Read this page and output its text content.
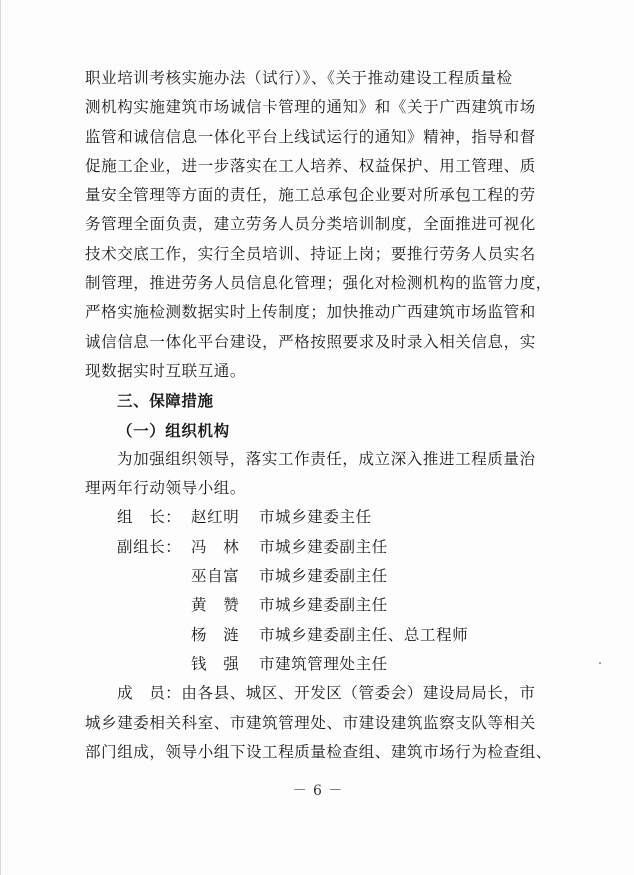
职业培训考核实施办法（试行）》、《关于推动建设工程质量检
测机构实施建筑市场诚信卡管理的通知》和《关于广西建筑市场
监管和诚信信息一体化平台上线试运行的通知》精神，指导和督
促施工企业，进一步落实在工人培养、权益保护、用工管理、质
量安全管理等方面的责任，施工总承包企业要对所承包工程的劳
务管理全面负责，建立劳务人员分类培训制度，全面推进可视化
技术交底工作，实行全员培训、持证上岗；要推行劳务人员实名
制管理，推进劳务人员信息化管理；强化对检测机构的监管力度，
严格实施检测数据实时上传制度；加快推动广西建筑市场监管和
诚信信息一体化平台建设，严格按照要求及时录入相关信息，实
现数据实时互联互通。
三、保障措施
（一）组织机构
为加强组织领导，落实工作责任，成立深入推进工程质量治
理两年行动领导小组。
组　长： 赵红明	市城乡建委主任
副组长： 冯　林	市城乡建委副主任
巫自富	市城乡建委副主任
黄　赞	市城乡建委副主任
杨　涟	市城乡建委副主任、总工程师
钱　强	市建筑管理处主任
成　员：由各县、城区、开发区（管委会）建设局局长，市
城乡建委相关科室、市建筑管理处、市建设建筑监察支队等相关
部门组成，领导小组下设工程质量检查组、建筑市场行为检查组、
－ 6 －
